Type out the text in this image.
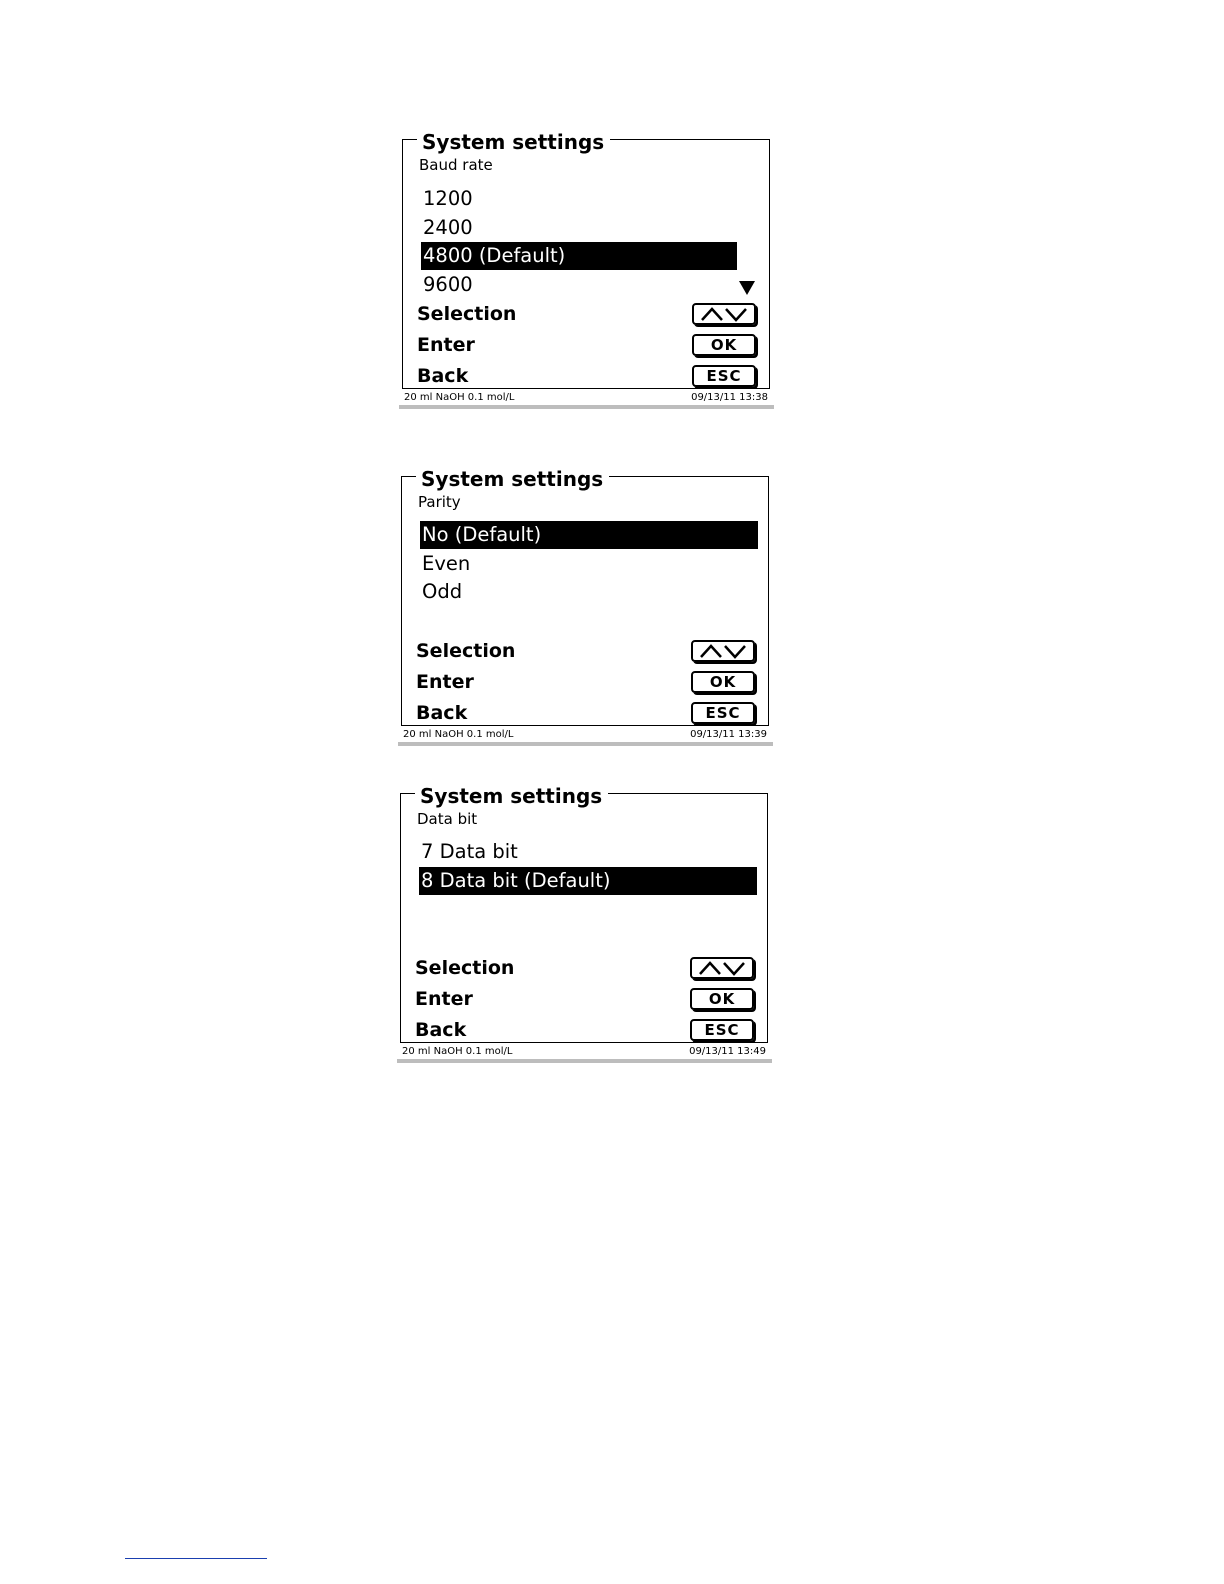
System settings
Baud rate
1200
2400
4800 (Default)
9600
Selection
Enter	OK
Back	ESC
20 ml NaOH 0.1 mol/L	09/13/11 13:38
System settings
Parity
No (Default)
Even
Odd
Selection
Enter	OK
Back	ESC
20 ml NaOH 0.1 mol/L	09/13/11 13:39
System settings
Data bit
7 Data bit
8 Data bit (Default)
Selection
Enter	OK
Back	ESC
20 ml NaOH 0.1 mol/L	09/13/11 13:49
